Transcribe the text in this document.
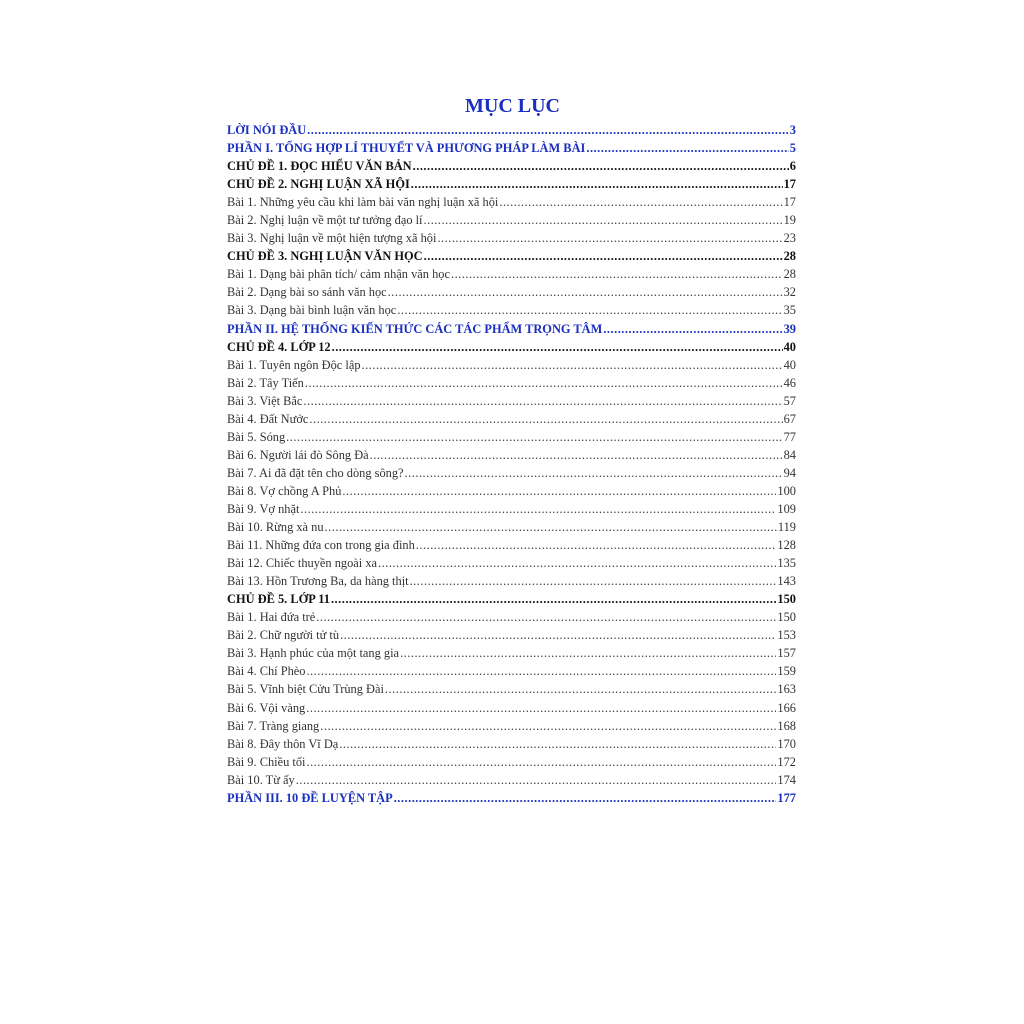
MỤC LỤC
LỜI NÓI ĐẦU .....	3
PHẦN I. TỔNG HỢP LÍ THUYẾT VÀ PHƯƠNG PHÁP LÀM BÀI .....	5
CHỦ ĐỀ 1. ĐỌC HIỂU VĂN BẢN .....	6
CHỦ ĐỀ 2. NGHỊ LUẬN XÃ HỘI .....	17
Bài 1. Những yêu cầu khi làm bài văn nghị luận xã hội .....	17
Bài 2. Nghị luận về một tư tưởng đạo lí .....	19
Bài 3. Nghị luận về một hiện tượng xã hội .....	23
CHỦ ĐỀ 3. NGHỊ LUẬN VĂN HỌC .....	28
Bài 1. Dạng bài phân tích/ cảm nhận văn học .....	28
Bài 2. Dạng bài so sánh văn học .....	32
Bài 3. Dạng bài bình luận văn học .....	35
PHẦN II. HỆ THỐNG KIẾN THỨC CÁC TÁC PHẨM TRỌNG TÂM .....	39
CHỦ ĐỀ 4. LỚP 12 .....	40
Bài 1. Tuyên ngôn Độc lập .....	40
Bài 2. Tây Tiến .....	46
Bài 3. Việt Bắc .....	57
Bài 4. Đất Nước .....	67
Bài 5. Sóng .....	77
Bài 6. Người lái đò Sông Đà .....	84
Bài 7. Ai đã đặt tên cho dòng sông? .....	94
Bài 8. Vợ chồng A Phủ .....	100
Bài 9. Vợ nhặt .....	109
Bài 10. Rừng xà nu .....	119
Bài 11. Những đứa con trong gia đình .....	128
Bài 12. Chiếc thuyền ngoài xa .....	135
Bài 13. Hồn Trương Ba, da hàng thịt .....	143
CHỦ ĐỀ 5. LỚP 11 .....	150
Bài 1. Hai đứa trẻ .....	150
Bài 2. Chữ người tử tù .....	153
Bài 3. Hạnh phúc của một tang gia .....	157
Bài 4. Chí Phèo .....	159
Bài 5. Vĩnh biệt Cửu Trùng Đài .....	163
Bài 6. Vội vàng .....	166
Bài 7. Tràng giang .....	168
Bài 8. Đây thôn Vĩ Dạ .....	170
Bài 9. Chiều tối .....	172
Bài 10. Từ ấy .....	174
PHẦN III. 10 ĐỀ LUYỆN TẬP .....	177
